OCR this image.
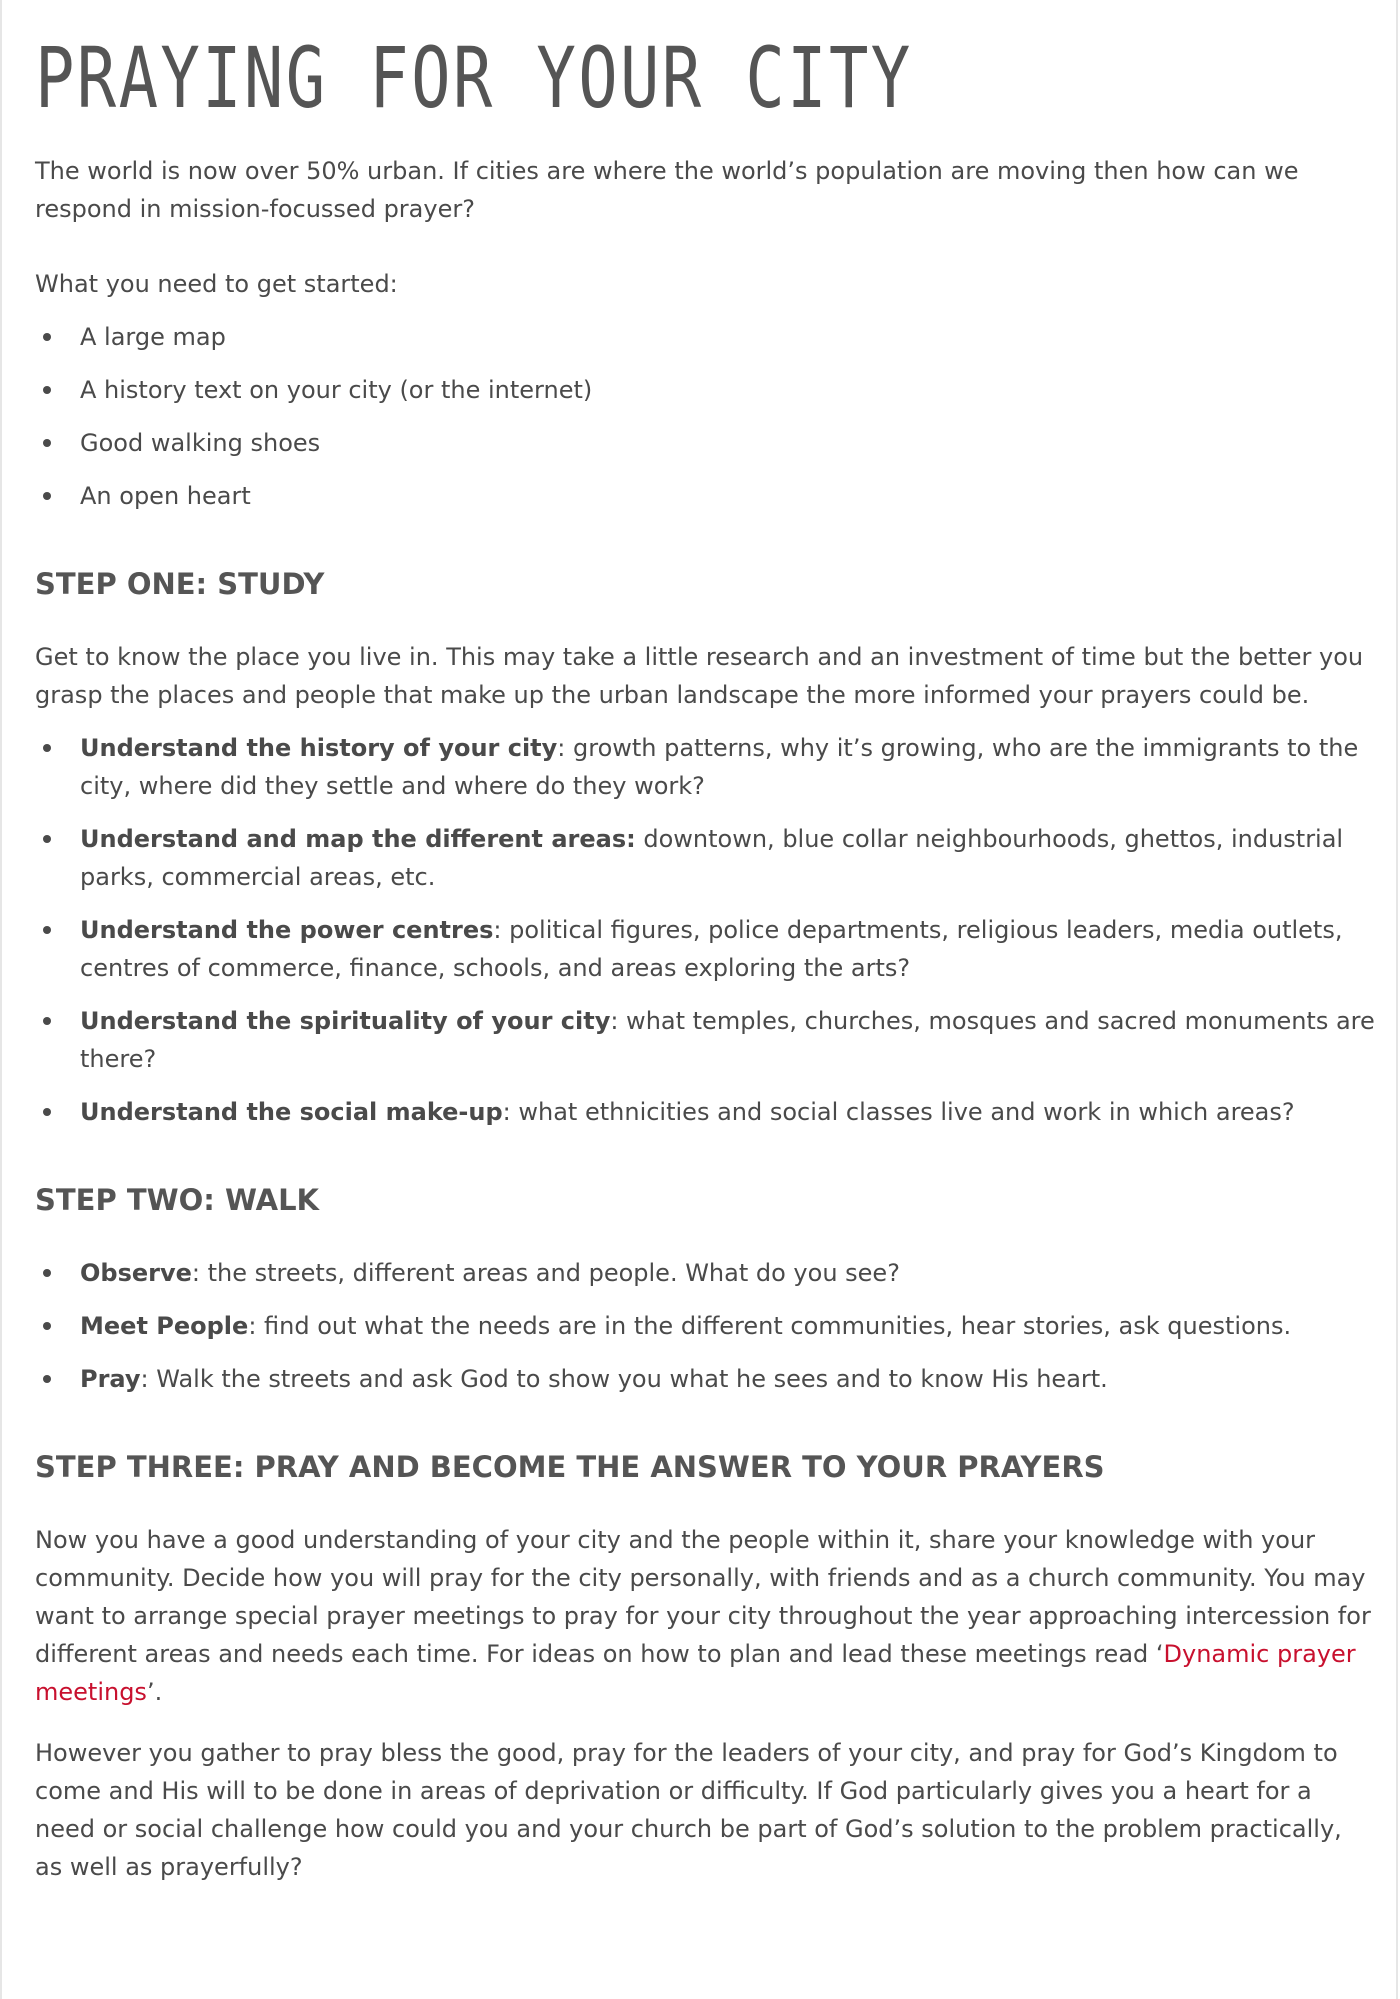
PRAYING FOR YOUR CITY

The world is now over 50% urban. If cities are where the world’s population are moving then how can we respond in mission-focussed prayer?

What you need to get started:

A large map
A history text on your city (or the internet)
Good walking shoes
An open heart
STEP ONE: STUDY

Get to know the place you live in. This may take a little research and an investment of time but the better you grasp the places and people that make up the urban landscape the more informed your prayers could be.

Understand the history of your city: growth patterns, why it’s growing, who are the immigrants to the city, where did they settle and where do they work?
Understand and map the different areas: downtown, blue collar neighbourhoods, ghettos, industrial parks, commercial areas, etc.
Understand the power centres: political figures, police departments, religious leaders, media outlets, centres of commerce, finance, schools, and areas exploring the arts?
Understand the spirituality of your city: what temples, churches, mosques and sacred monuments are there?
Understand the social make-up: what ethnicities and social classes live and work in which areas?
STEP TWO: WALK
Observe: the streets, different areas and people. What do you see?
Meet People: find out what the needs are in the different communities, hear stories, ask questions.
Pray: Walk the streets and ask God to show you what he sees and to know His heart.
STEP THREE: PRAY AND BECOME THE ANSWER TO YOUR PRAYERS

Now you have a good understanding of your city and the people within it, share your knowledge with your community. Decide how you will pray for the city personally, with friends and as a church community. You may want to arrange special prayer meetings to pray for your city throughout the year approaching intercession for different areas and needs each time. For ideas on how to plan and lead these meetings read ‘Dynamic prayer meetings’.

However you gather to pray bless the good, pray for the leaders of your city, and pray for God’s Kingdom to come and His will to be done in areas of deprivation or difficulty. If God particularly gives you a heart for a need or social challenge how could you and your church be part of God’s solution to the problem practically, as well as prayerfully?
